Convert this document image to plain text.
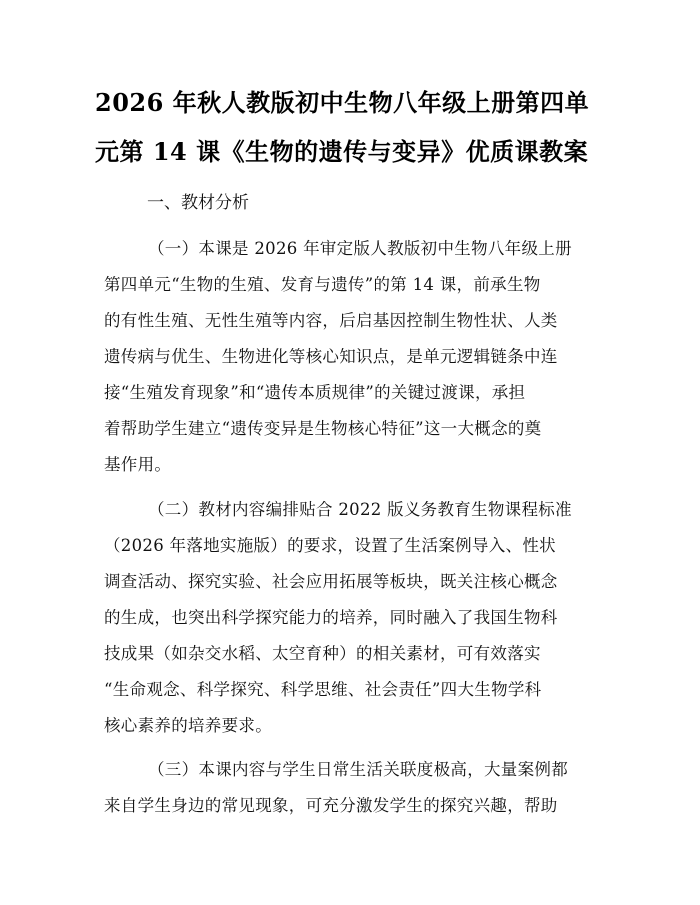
2026 年秋人教版初中生物八年级上册第四单
元第 14 课《生物的遗传与变异》优质课教案

一、教材分析

（一）本课是 2026 年审定版人教版初中生物八年级上册
第四单元“生物的生殖、发育与遗传”的第 14 课，前承生物
的有性生殖、无性生殖等内容，后启基因控制生物性状、人类
遗传病与优生、生物进化等核心知识点，是单元逻辑链条中连
接“生殖发育现象”和“遗传本质规律”的关键过渡课，承担
着帮助学生建立“遗传变异是生物核心特征”这一大概念的奠
基作用。
（二）教材内容编排贴合 2022 版义务教育生物课程标准
（2026 年落地实施版）的要求，设置了生活案例导入、性状
调查活动、探究实验、社会应用拓展等板块，既关注核心概念
的生成，也突出科学探究能力的培养，同时融入了我国生物科
技成果（如杂交水稻、太空育种）的相关素材，可有效落实
“生命观念、科学探究、科学思维、社会责任”四大生物学科
核心素养的培养要求。
（三）本课内容与学生日常生活关联度极高，大量案例都
来自学生身边的常见现象，可充分激发学生的探究兴趣，帮助
